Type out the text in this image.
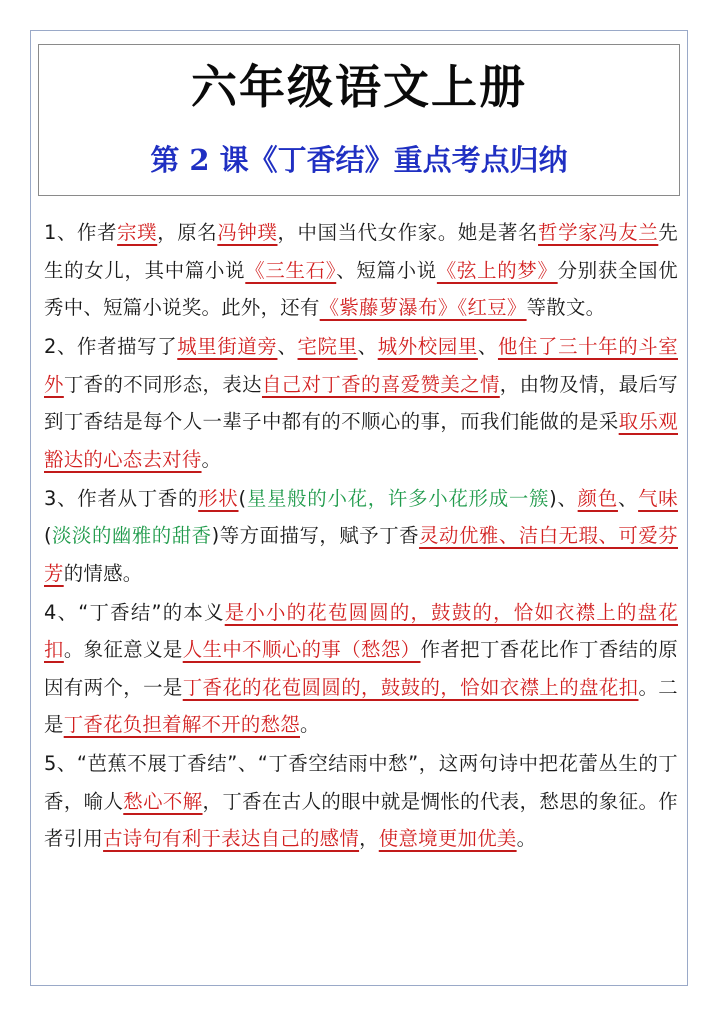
六年级语文上册
第 2 课《丁香结》重点考点归纳

1、作者宗璞，原名冯钟璞，中国当代女作家。她是著名哲学家冯友兰先生的女儿，其中篇小说《三生石》、短篇小说《弦上的梦》分别获全国优秀中、短篇小说奖。此外，还有《紫藤萝瀑布》《红豆》等散文。

2、作者描写了城里街道旁、宅院里、城外校园里、他住了三十年的斗室外丁香的不同形态，表达自己对丁香的喜爱赞美之情，由物及情，最后写到丁香结是每个人一辈子中都有的不顺心的事，而我们能做的是采取乐观豁达的心态去对待。

3、作者从丁香的形状(星星般的小花，许多小花形成一簇)、颜色、气味(淡淡的幽雅的甜香)等方面描写，赋予丁香灵动优雅、洁白无瑕、可爱芬芳的情感。

4、“丁香结”的本义是小小的花苞圆圆的，鼓鼓的，恰如衣襟上的盘花扣。象征意义是人生中不顺心的事（愁怨）作者把丁香花比作丁香结的原因有两个，一是丁香花的花苞圆圆的，鼓鼓的，恰如衣襟上的盘花扣。二是丁香花负担着解不开的愁怨。

5、“芭蕉不展丁香结”、“丁香空结雨中愁”，这两句诗中把花蕾丛生的丁香，喻人愁心不解，丁香在古人的眼中就是惆怅的代表，愁思的象征。作者引用古诗句有利于表达自己的感情，使意境更加优美。
